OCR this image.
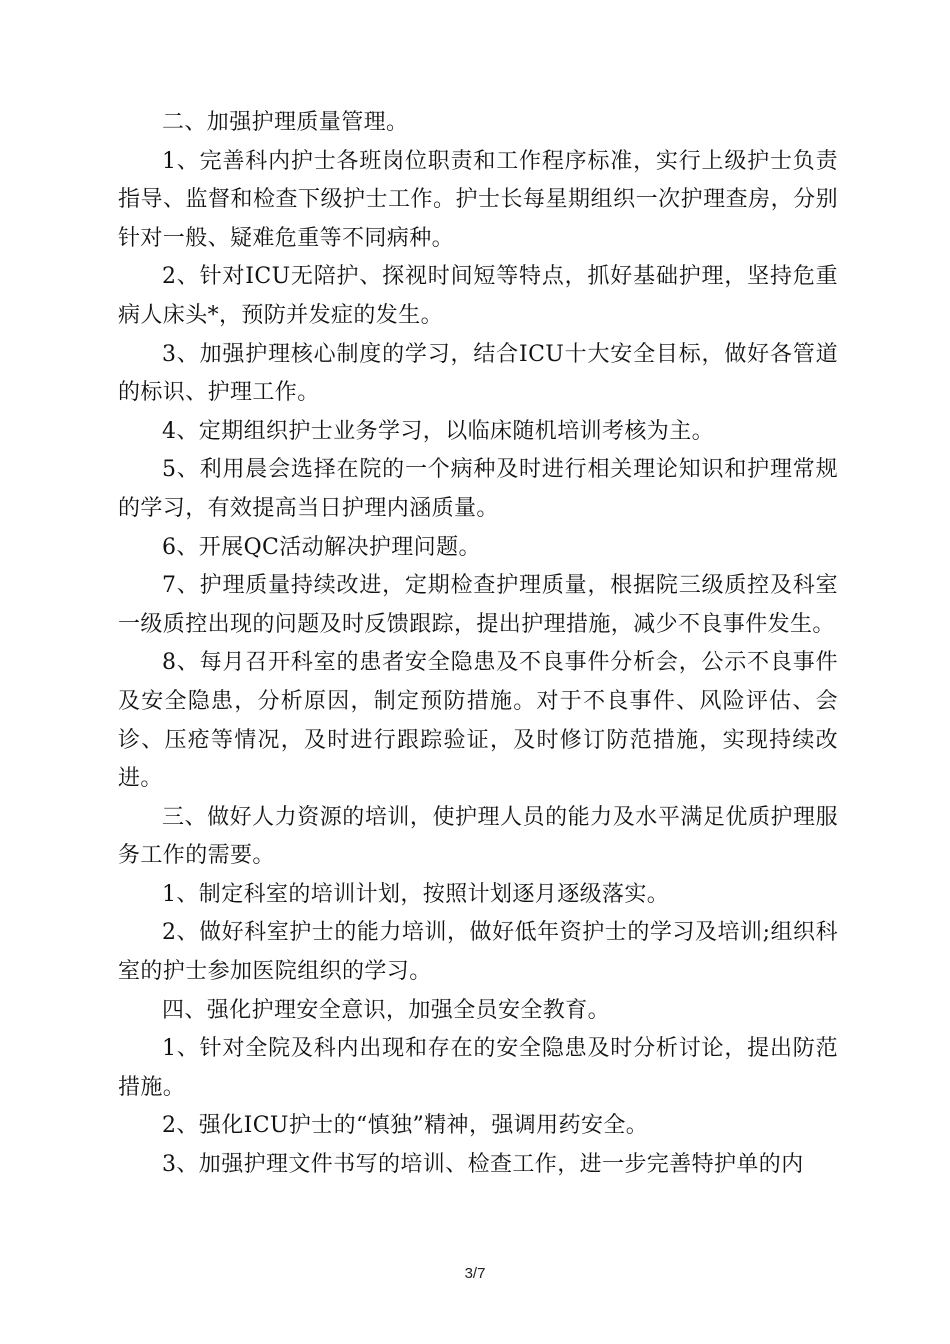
二、加强护理质量管理。

1、完善科内护士各班岗位职责和工作程序标准，实行上级护士负责指导、监督和检查下级护士工作。护士长每星期组织一次护理查房，分别针对一般、疑难危重等不同病种。

2、针对ICU无陪护、探视时间短等特点，抓好基础护理，坚持危重病人床头*，预防并发症的发生。

3、加强护理核心制度的学习，结合ICU十大安全目标，做好各管道的标识、护理工作。

4、定期组织护士业务学习，以临床随机培训考核为主。

5、利用晨会选择在院的一个病种及时进行相关理论知识和护理常规的学习，有效提高当日护理内涵质量。

6、开展QC活动解决护理问题。

7、护理质量持续改进，定期检查护理质量，根据院三级质控及科室一级质控出现的问题及时反馈跟踪，提出护理措施，减少不良事件发生。

8、每月召开科室的患者安全隐患及不良事件分析会，公示不良事件及安全隐患，分析原因，制定预防措施。对于不良事件、风险评估、会诊、压疮等情况，及时进行跟踪验证，及时修订防范措施，实现持续改进。

三、做好人力资源的培训，使护理人员的能力及水平满足优质护理服务工作的需要。

1、制定科室的培训计划，按照计划逐月逐级落实。

2、做好科室护士的能力培训，做好低年资护士的学习及培训;组织科室的护士参加医院组织的学习。

四、强化护理安全意识，加强全员安全教育。

1、针对全院及科内出现和存在的安全隐患及时分析讨论，提出防范措施。

2、强化ICU护士的“慎独”精神，强调用药安全。

3、加强护理文件书写的培训、检查工作，进一步完善特护单的内

3/7
